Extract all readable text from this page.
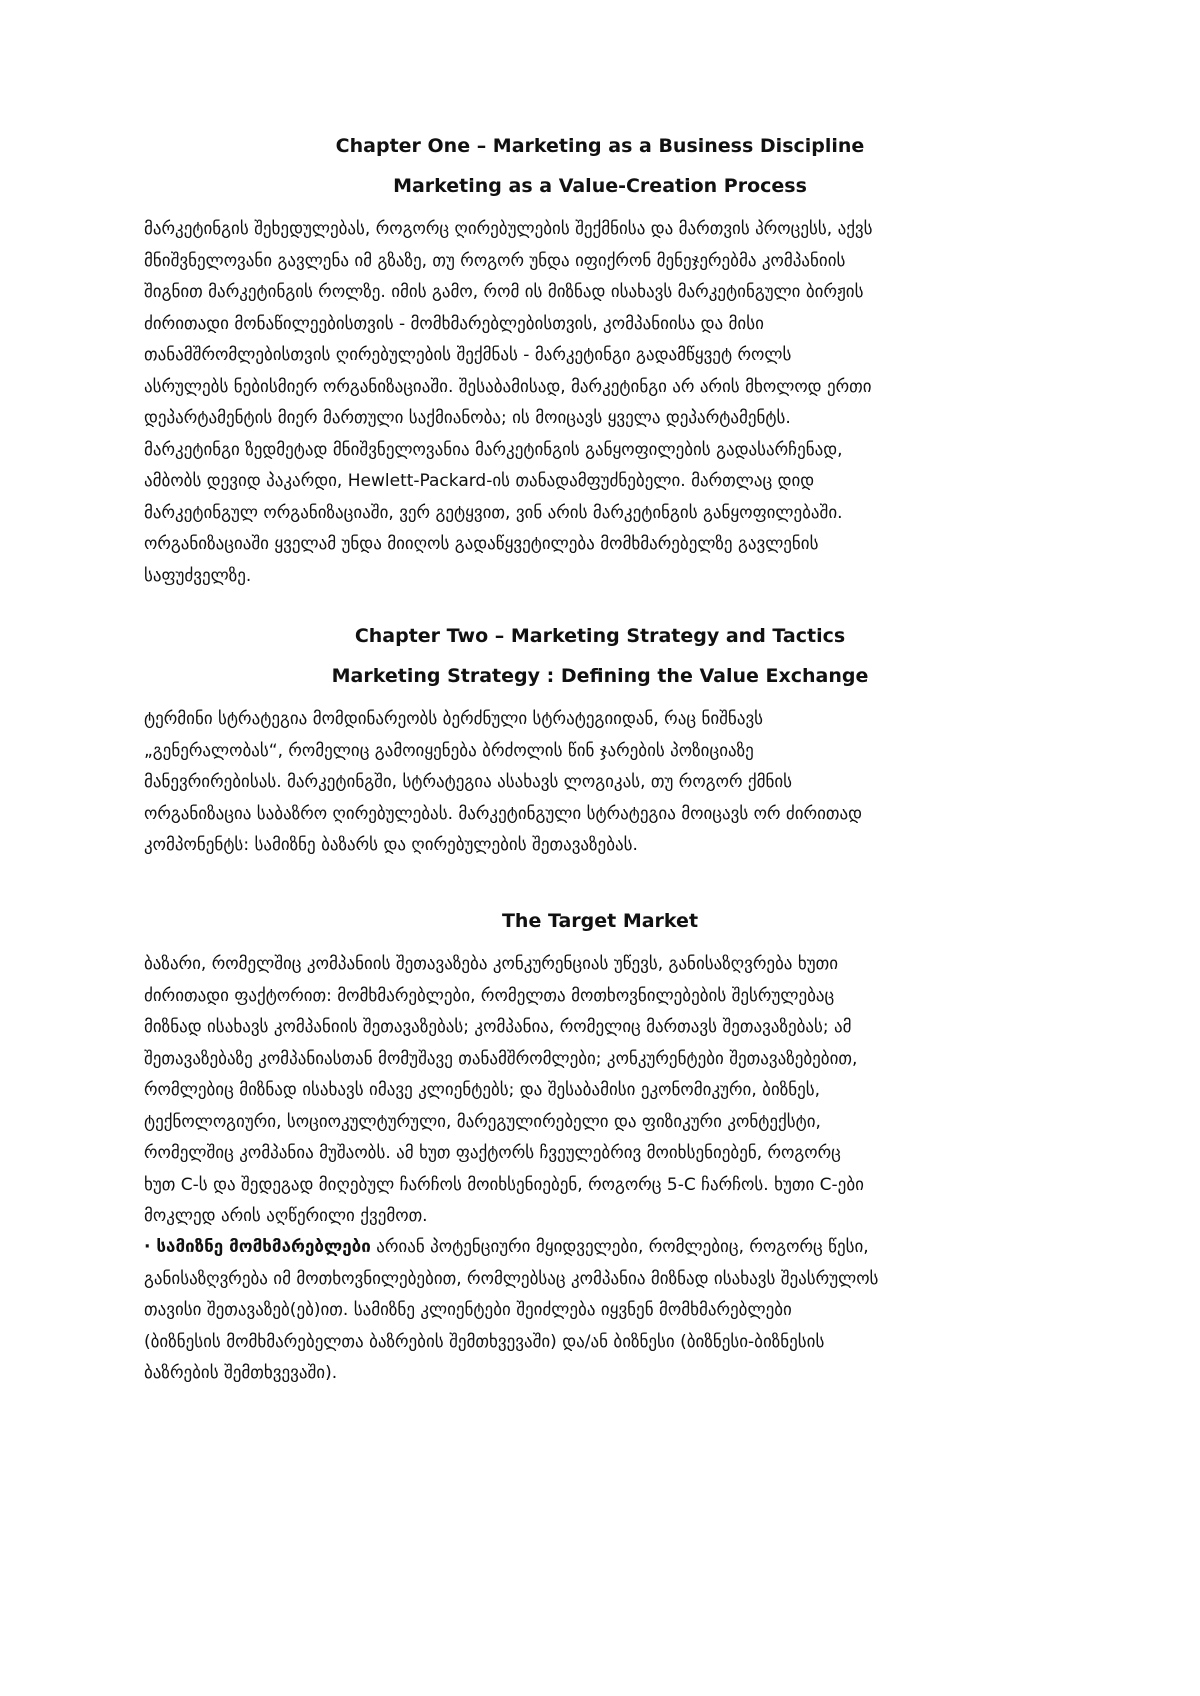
Chapter One – Marketing as a Business Discipline
Marketing as a Value-Creation Process

მარკეტინგის შეხედულებას, როგორც ღირებულების შექმნისა და მართვის პროცესს, აქვს
მნიშვნელოვანი გავლენა იმ გზაზე, თუ როგორ უნდა იფიქრონ მენეჯერებმა კომპანიის
შიგნით მარკეტინგის როლზე. იმის გამო, რომ ის მიზნად ისახავს მარკეტინგული ბირჟის
ძირითადი მონაწილეებისთვის - მომხმარებლებისთვის, კომპანიისა და მისი
თანამშრომლებისთვის ღირებულების შექმნას - მარკეტინგი გადამწყვეტ როლს
ასრულებს ნებისმიერ ორგანიზაციაში. შესაბამისად, მარკეტინგი არ არის მხოლოდ ერთი
დეპარტამენტის მიერ მართული საქმიანობა; ის მოიცავს ყველა დეპარტამენტს.
მარკეტინგი ზედმეტად მნიშვნელოვანია მარკეტინგის განყოფილების გადასარჩენად,
ამბობს დევიდ პაკარდი, Hewlett-Packard-ის თანადამფუძნებელი. მართლაც დიდ
მარკეტინგულ ორგანიზაციაში, ვერ გეტყვით, ვინ არის მარკეტინგის განყოფილებაში.
ორგანიზაციაში ყველამ უნდა მიიღოს გადაწყვეტილება მომხმარებელზე გავლენის
საფუძველზე.

Chapter Two – Marketing Strategy and Tactics
Marketing Strategy : Defining the Value Exchange

ტერმინი სტრატეგია მომდინარეობს ბერძნული სტრატეგიიდან, რაც ნიშნავს
„გენერალობას“, რომელიც გამოიყენება ბრძოლის წინ ჯარების პოზიციაზე
მანევრირებისას. მარკეტინგში, სტრატეგია ასახავს ლოგიკას, თუ როგორ ქმნის
ორგანიზაცია საბაზრო ღირებულებას. მარკეტინგული სტრატეგია მოიცავს ორ ძირითად
კომპონენტს: სამიზნე ბაზარს და ღირებულების შეთავაზებას.

The Target Market

ბაზარი, რომელშიც კომპანიის შეთავაზება კონკურენციას უწევს, განისაზღვრება ხუთი
ძირითადი ფაქტორით: მომხმარებლები, რომელთა მოთხოვნილებების შესრულებაც
მიზნად ისახავს კომპანიის შეთავაზებას; კომპანია, რომელიც მართავს შეთავაზებას; ამ
შეთავაზებაზე კომპანიასთან მომუშავე თანამშრომლები; კონკურენტები შეთავაზებებით,
რომლებიც მიზნად ისახავს იმავე კლიენტებს; და შესაბამისი ეკონომიკური, ბიზნეს,
ტექნოლოგიური, სოციოკულტურული, მარეგულირებელი და ფიზიკური კონტექსტი,
რომელშიც კომპანია მუშაობს. ამ ხუთ ფაქტორს ჩვეულებრივ მოიხსენიებენ, როგორც
ხუთ C-ს და შედეგად მიღებულ ჩარჩოს მოიხსენიებენ, როგორც 5-C ჩარჩოს. ხუთი C-ები
მოკლედ არის აღწერილი ქვემოთ.

· სამიზნე მომხმარებლები არიან პოტენციური მყიდველები, რომლებიც, როგორც წესი,
განისაზღვრება იმ მოთხოვნილებებით, რომლებსაც კომპანია მიზნად ისახავს შეასრულოს
თავისი შეთავაზებ(ებ)ით. სამიზნე კლიენტები შეიძლება იყვნენ მომხმარებლები
(ბიზნესის მომხმარებელთა ბაზრების შემთხვევაში) და/ან ბიზნესი (ბიზნესი-ბიზნესის
ბაზრების შემთხვევაში).
